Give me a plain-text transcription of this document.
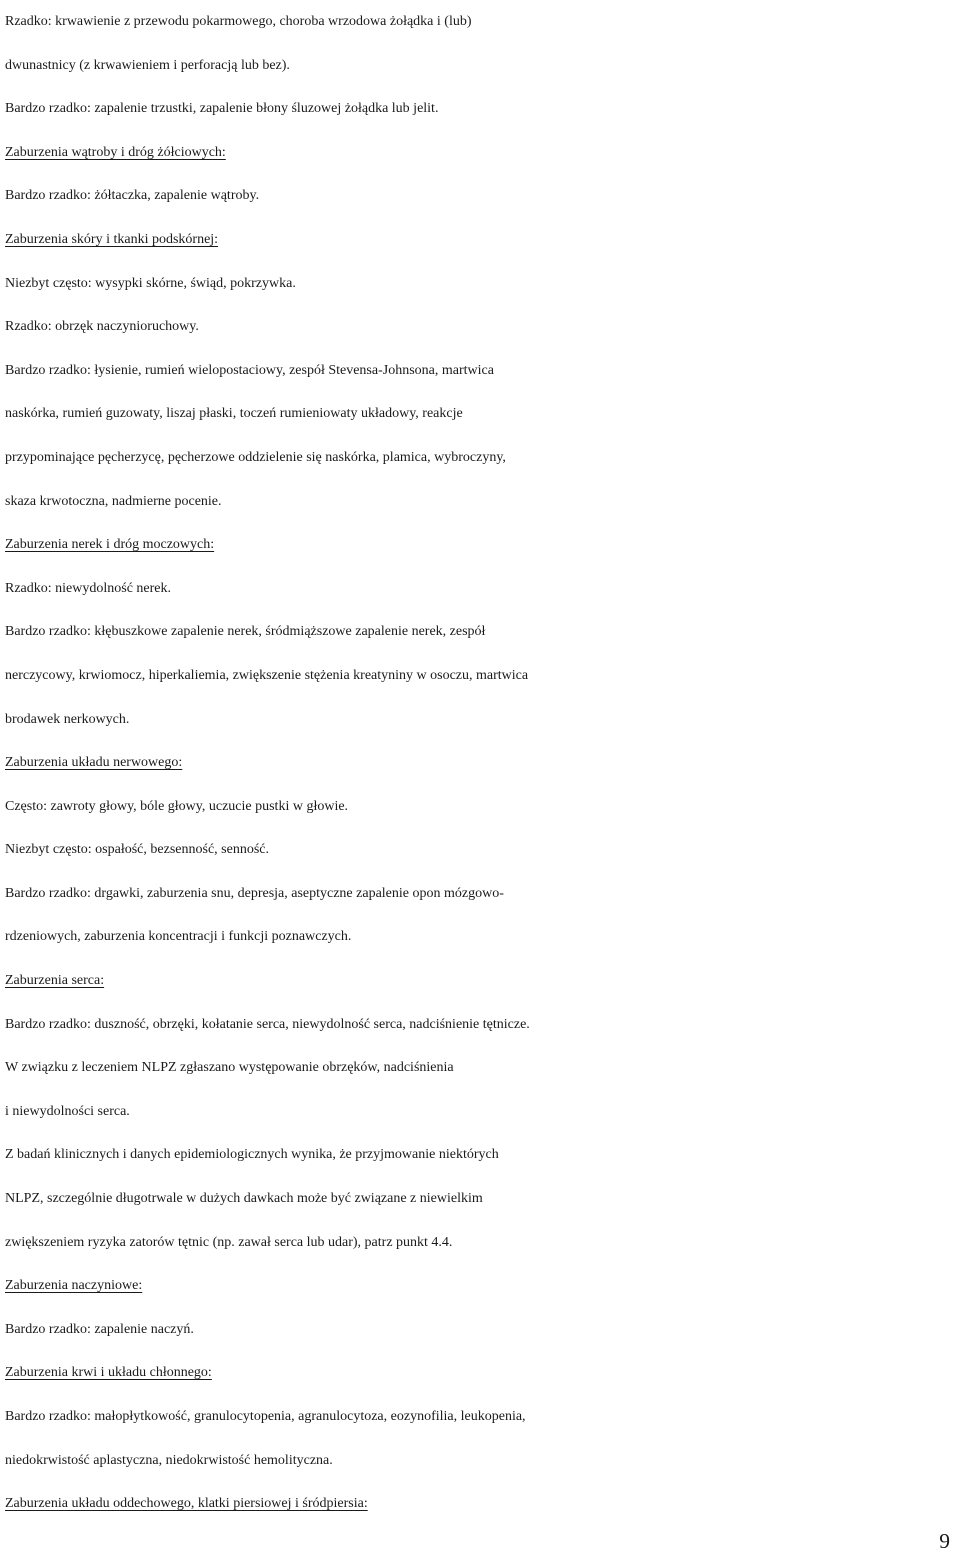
Rzadko: krwawienie z przewodu pokarmowego, choroba wrzodowa żołądka i (lub)

dwunastnicy (z krwawieniem i perforacją lub bez).

Bardzo rzadko: zapalenie trzustki, zapalenie błony śluzowej żołądka lub jelit.

Zaburzenia wątroby i dróg żółciowych:

Bardzo rzadko: żółtaczka, zapalenie wątroby.

Zaburzenia skóry i tkanki podskórnej:

Niezbyt często: wysypki skórne, świąd, pokrzywka.

Rzadko: obrzęk naczynioruchowy.

Bardzo rzadko: łysienie, rumień wielopostaciowy, zespół Stevensa-Johnsona, martwica

naskórka, rumień guzowaty, liszaj płaski, toczeń rumieniowaty układowy, reakcje

przypominające pęcherzycę, pęcherzowe oddzielenie się naskórka, plamica, wybroczyny,

skaza krwotoczna, nadmierne pocenie.

Zaburzenia nerek i dróg moczowych:

Rzadko: niewydolność nerek.

Bardzo rzadko: kłębuszkowe zapalenie nerek, śródmiąższowe zapalenie nerek, zespół

nerczycowy, krwiomocz, hiperkaliemia, zwiększenie stężenia kreatyniny w osoczu, martwica

brodawek nerkowych.

Zaburzenia układu nerwowego:

Często: zawroty głowy, bóle głowy, uczucie pustki w głowie.

Niezbyt często: ospałość, bezsenność, senność.

Bardzo rzadko: drgawki, zaburzenia snu, depresja, aseptyczne zapalenie opon mózgowo-

rdzeniowych, zaburzenia koncentracji i funkcji poznawczych.

Zaburzenia serca:

Bardzo rzadko: duszność, obrzęki, kołatanie serca, niewydolność serca, nadciśnienie tętnicze.

W związku z leczeniem NLPZ zgłaszano występowanie obrzęków, nadciśnienia

i niewydolności serca.

Z badań klinicznych i danych epidemiologicznych wynika, że przyjmowanie niektórych

NLPZ, szczególnie długotrwale w dużych dawkach może być związane z niewielkim

zwiększeniem ryzyka zatorów tętnic (np. zawał serca lub udar), patrz punkt 4.4.

Zaburzenia naczyniowe:

Bardzo rzadko: zapalenie naczyń.

Zaburzenia krwi i układu chłonnego:

Bardzo rzadko: małopłytkowość, granulocytopenia, agranulocytoza, eozynofilia, leukopenia,

niedokrwistość aplastyczna, niedokrwistość hemolityczna.

Zaburzenia układu oddechowego, klatki piersiowej i śródpiersia:

9
